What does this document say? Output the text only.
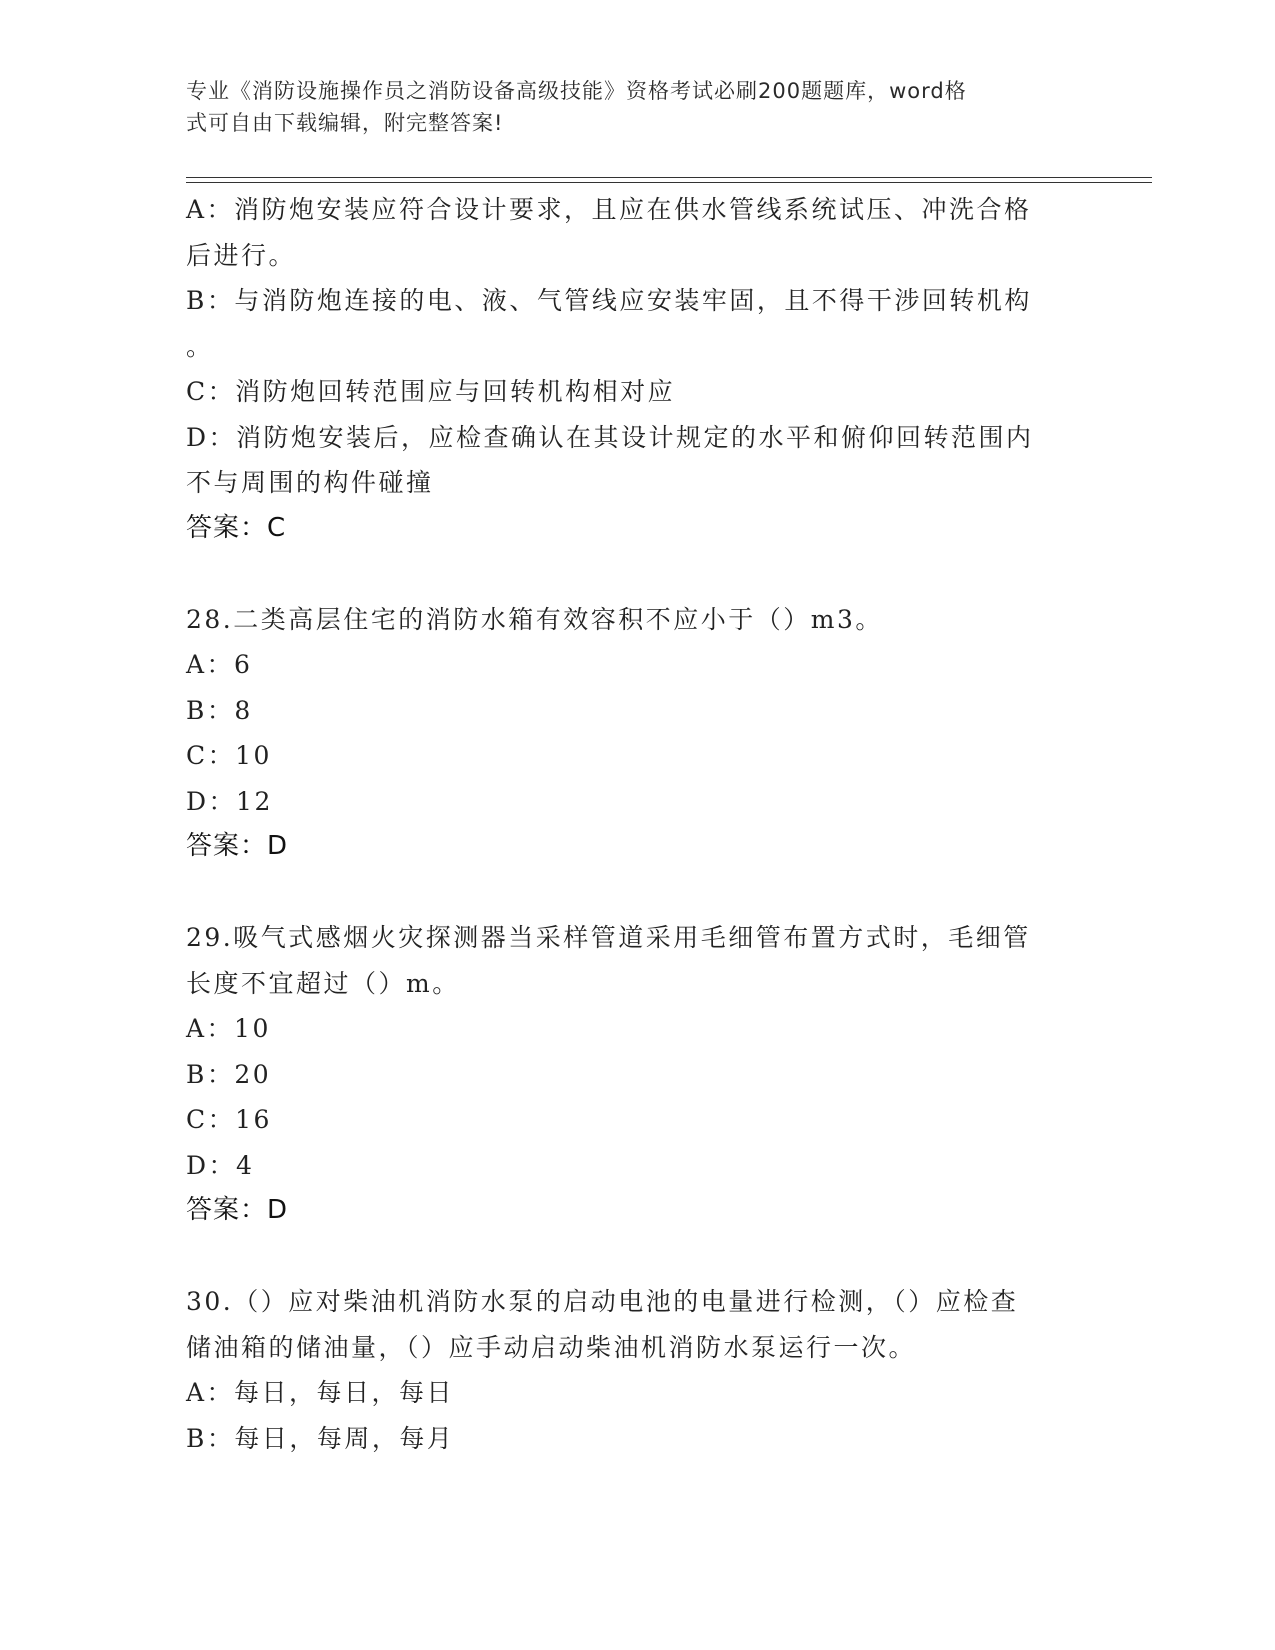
专业《消防设施操作员之消防设备高级技能》资格考试必刷200题题库，word格
式可自由下载编辑，附完整答案!
A：消防炮安装应符合设计要求，且应在供水管线系统试压、冲洗合格
后进行。
B：与消防炮连接的电、液、气管线应安装牢固，且不得干涉回转机构
。
C：消防炮回转范围应与回转机构相对应
D：消防炮安装后，应检查确认在其设计规定的水平和俯仰回转范围内
不与周围的构件碰撞
答案：C
28.二类高层住宅的消防水箱有效容积不应小于（）m3。
A：6
B：8
C：10
D：12
答案：D
29.吸气式感烟火灾探测器当采样管道采用毛细管布置方式时，毛细管
长度不宜超过（）m。
A：10
B：20
C：16
D：4
答案：D
30.（）应对柴油机消防水泵的启动电池的电量进行检测，（）应检查
储油箱的储油量，（）应手动启动柴油机消防水泵运行一次。
A：每日，每日，每日
B：每日，每周，每月
